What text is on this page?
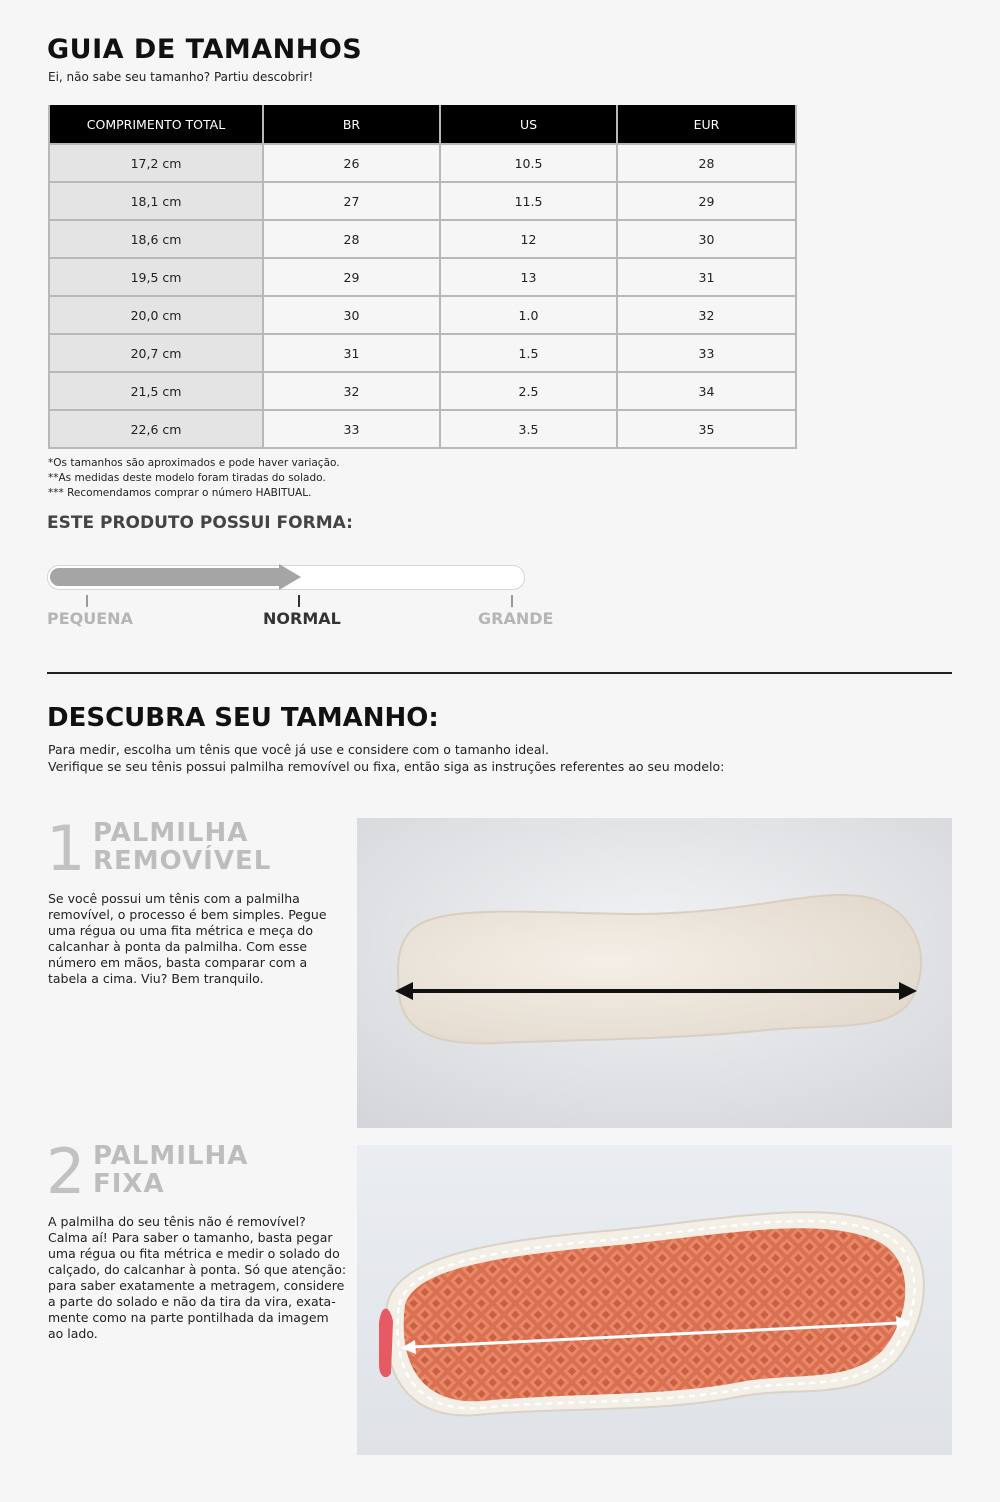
GUIA DE TAMANHOS
Ei, não sabe seu tamanho? Partiu descobrir!
COMPRIMENTO TOTAL	BR	US	EUR
17,2 cm	26	10.5	28
18,1 cm	27	11.5	29
18,6 cm	28	12	30
19,5 cm	29	13	31
20,0 cm	30	1.0	32
20,7 cm	31	1.5	33
21,5 cm	32	2.5	34
22,6 cm	33	3.5	35
*Os tamanhos são aproximados e pode haver variação.
**As medidas deste modelo foram tiradas do solado.
*** Recomendamos comprar o número HABITUAL.
ESTE PRODUTO POSSUI FORMA:
PEQUENA	NORMAL	GRANDE
DESCUBRA SEU TAMANHO:
Para medir, escolha um tênis que você já use e considere com o tamanho ideal.
Verifique se seu tênis possui palmilha removível ou fixa, então siga as instruções referentes ao seu modelo:
1 PALMILHA
REMOVÍVEL
Se você possui um tênis com a palmilha
removível, o processo é bem simples. Pegue
uma régua ou uma fita métrica e meça do
calcanhar à ponta da palmilha. Com esse
número em mãos, basta comparar com a
tabela a cima. Viu? Bem tranquilo.
2 PALMILHA
FIXA
A palmilha do seu tênis não é removível?
Calma aí! Para saber o tamanho, basta pegar
uma régua ou fita métrica e medir o solado do
calçado, do calcanhar à ponta. Só que atenção:
para saber exatamente a metragem, considere
a parte do solado e não da tira da vira, exata-
mente como na parte pontilhada da imagem
ao lado.
